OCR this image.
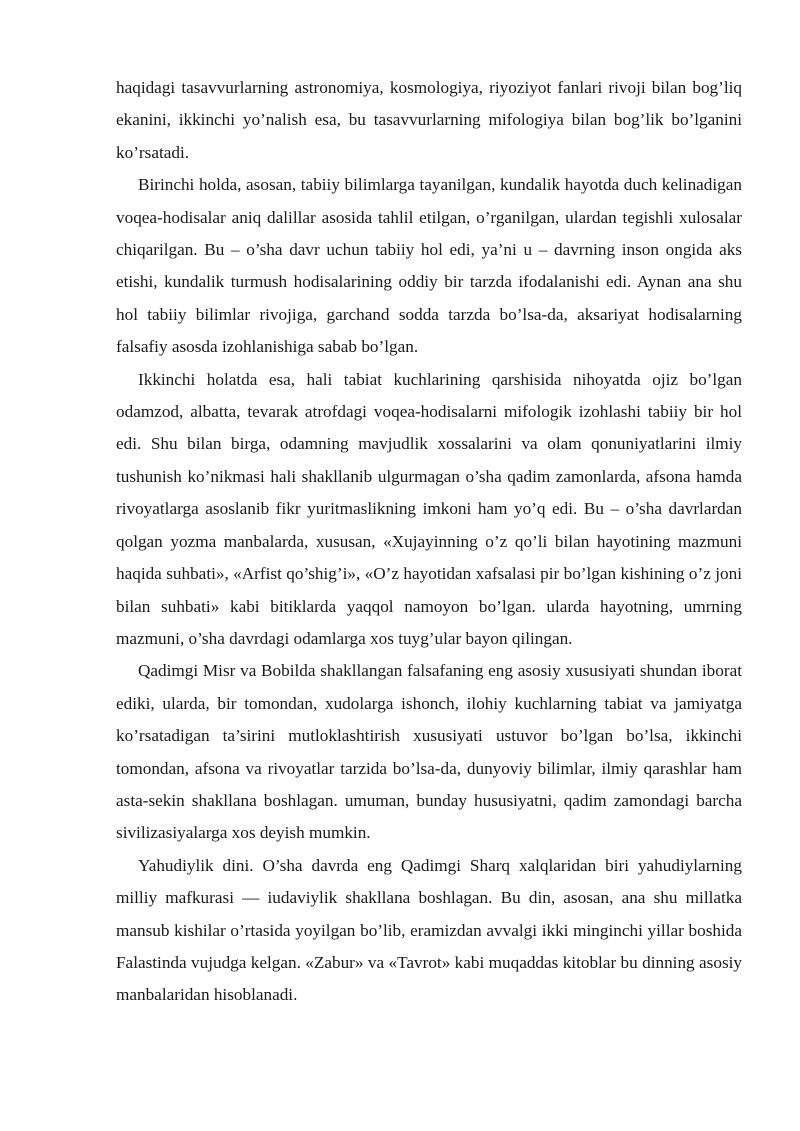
haqidagi tasavvurlarning astronomiya, kosmologiya, riyoziyot fanlari rivoji bilan bog’liq ekanini, ikkinchi yo’nalish esa, bu tasavvurlarning mifologiya bilan bog’lik bo’lganini ko’rsatadi.

Birinchi holda, asosan, tabiiy bilimlarga tayanilgan, kundalik hayotda duch kelinadigan voqea-hodisalar aniq dalillar asosida tahlil etilgan, o’rganilgan, ulardan tegishli xulosalar chiqarilgan. Bu – o’sha davr uchun tabiiy hol edi, ya’ni u – davrning inson ongida aks etishi, kundalik turmush hodisalarining oddiy bir tarzda ifodalanishi edi. Aynan ana shu hol tabiiy bilimlar rivojiga, garchand sodda tarzda bo’lsa-da, aksariyat hodisalarning falsafiy asosda izohlanishiga sabab bo’lgan.

Ikkinchi holatda esa, hali tabiat kuchlarining qarshisida nihoyatda ojiz bo’lgan odamzod, albatta, tevarak atrofdagi voqea-hodisalarni mifologik izohlashi tabiiy bir hol edi. Shu bilan birga, odamning mavjudlik xossalarini va olam qonuniyatlarini ilmiy tushunish ko’nikmasi hali shakllanib ulgurmagan o’sha qadim zamonlarda, afsona hamda rivoyatlarga asoslanib fikr yuritmaslikning imkoni ham yo’q edi. Bu – o’sha davrlardan qolgan yozma manbalarda, xususan, «Xujayinning o’z qo’li bilan hayotining mazmuni haqida suhbati», «Arfist qo’shig’i», «O’z hayotidan xafsalasi pir bo’lgan kishining o’z joni bilan suhbati» kabi bitiklarda yaqqol namoyon bo’lgan. ularda hayotning, umrning mazmuni, o’sha davrdagi odamlarga xos tuyg’ular bayon qilingan.

Qadimgi Misr va Bobilda shakllangan falsafaning eng asosiy xususiyati shundan iborat ediki, ularda, bir tomondan, xudolarga ishonch, ilohiy kuchlarning tabiat va jamiyatga ko’rsatadigan ta’sirini mutloklashtirish xususiyati ustuvor bo’lgan bo’lsa, ikkinchi tomondan, afsona va rivoyatlar tarzida bo’lsa-da, dunyoviy bilimlar, ilmiy qarashlar ham asta-sekin shakllana boshlagan. umuman, bunday hususiyatni, qadim zamondagi barcha sivilizasiyalarga xos deyish mumkin.

Yahudiylik dini. O’sha davrda eng Qadimgi Sharq xalqlaridan biri yahudiylarning milliy mafkurasi — iudaviylik shakllana boshlagan. Bu din, asosan, ana shu millatka mansub kishilar o’rtasida yoyilgan bo’lib, eramizdan avvalgi ikki minginchi yillar boshida Falastinda vujudga kelgan. «Zabur» va «Tavrot» kabi muqaddas kitoblar bu dinning asosiy manbalaridan hisoblanadi.
